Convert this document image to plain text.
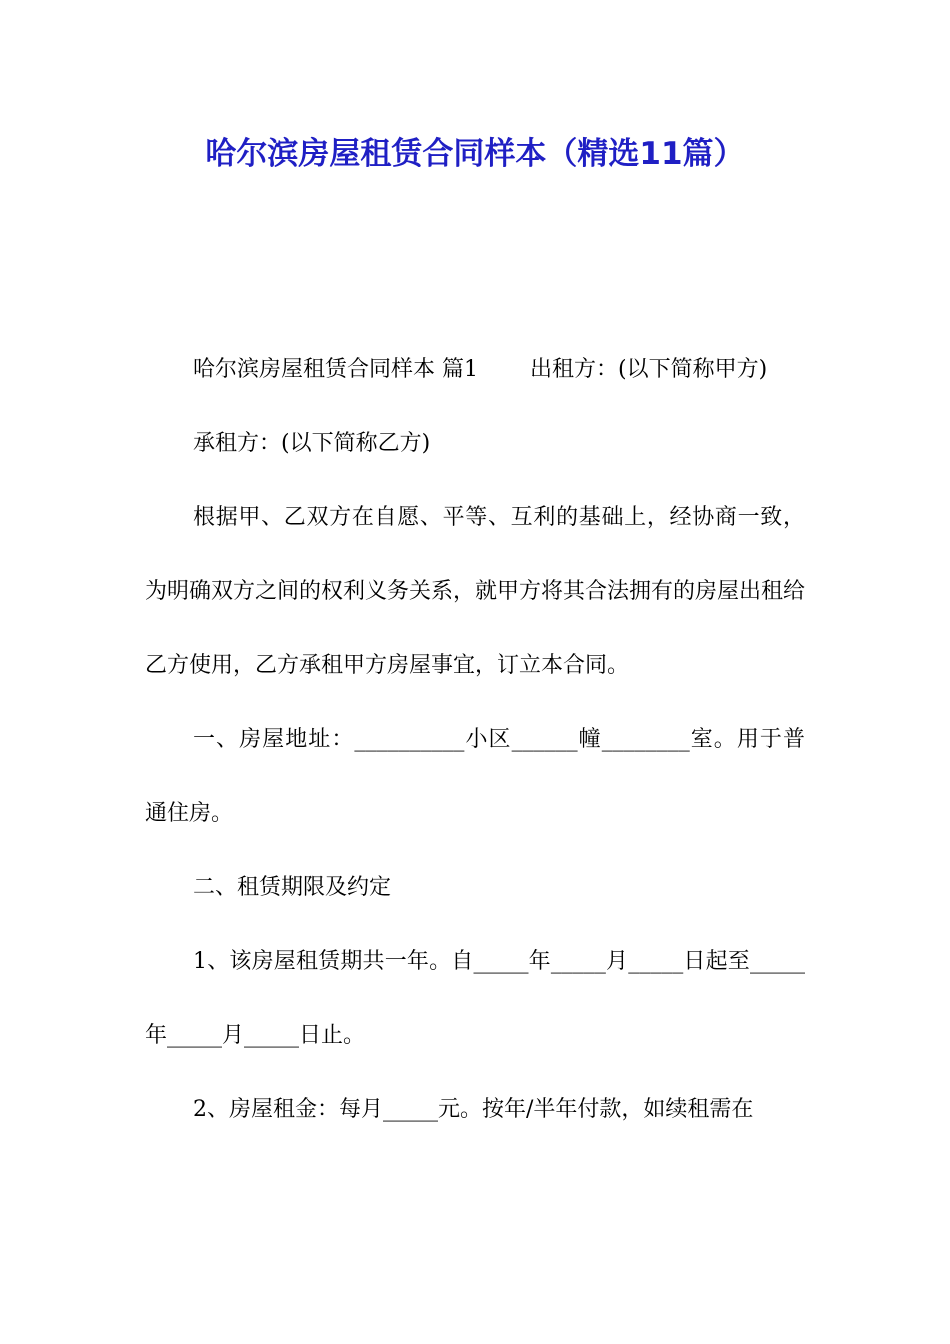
哈尔滨房屋租赁合同样本（精选11篇）

哈尔滨房屋租赁合同样本 篇1 出租方：(以下简称甲方)

承租方：(以下简称乙方)

根据甲、乙双方在自愿、平等、互利的基础上，经协商一致，为明确双方之间的权利义务关系，就甲方将其合法拥有的房屋出租给乙方使用，乙方承租甲方房屋事宜，订立本合同。

一、房屋地址：__________小区______幢________室。用于普通住房。

二、租赁期限及约定

1、该房屋租赁期共一年。自_____年_____月_____日起至_____年_____月_____日止。

2、房屋租金：每月_____元。按年/半年付款，如续租需在
